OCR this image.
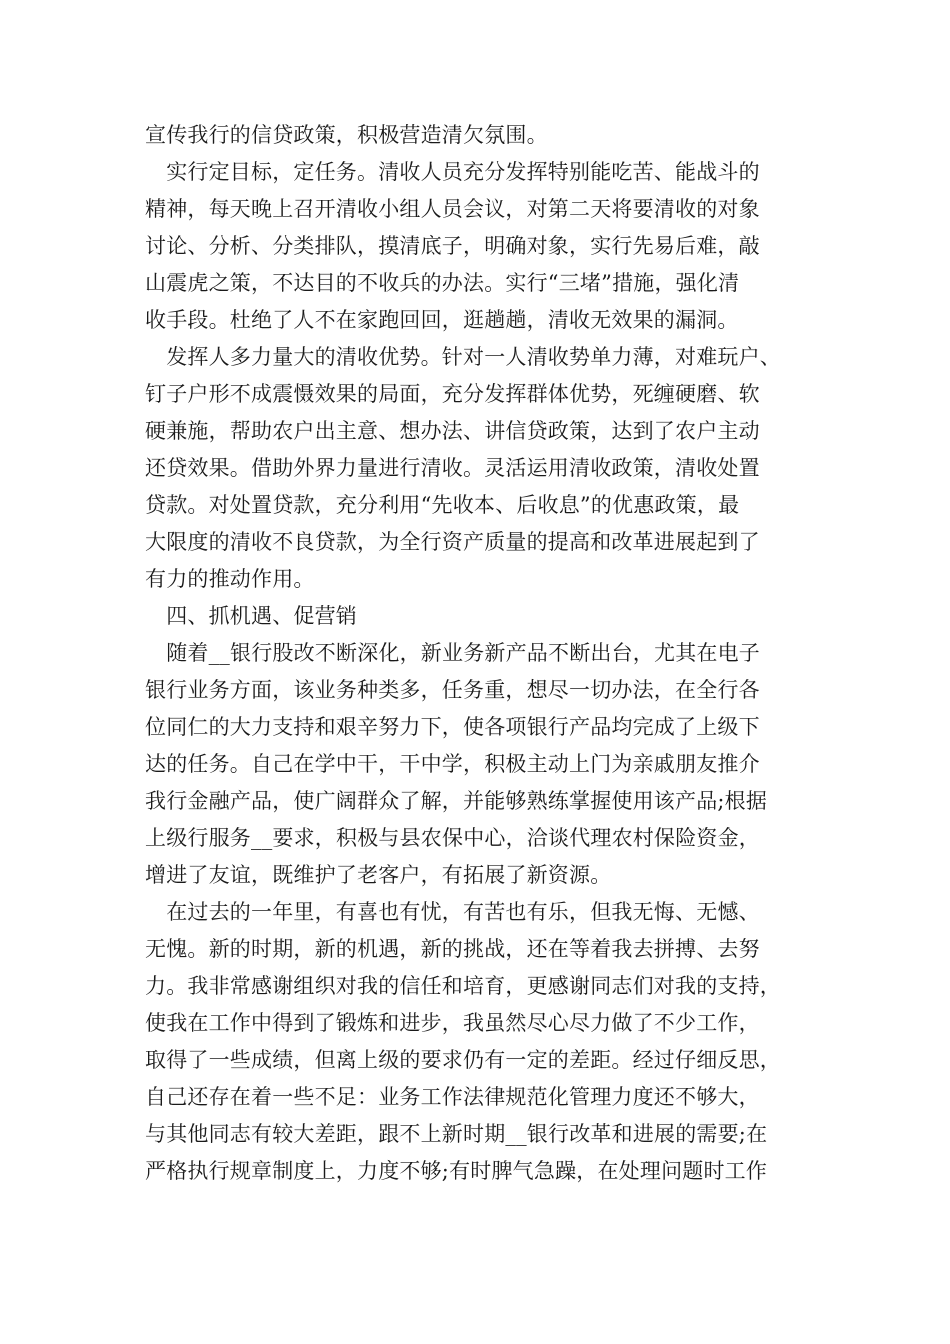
宣传我行的信贷政策，积极营造清欠氛围。
　实行定目标，定任务。清收人员充分发挥特别能吃苦、能战斗的
精神，每天晚上召开清收小组人员会议，对第二天将要清收的对象
讨论、分析、分类排队，摸清底子，明确对象，实行先易后难，敲
山震虎之策，不达目的不收兵的办法。实行“三堵”措施，强化清
收手段。杜绝了人不在家跑回回，逛趟趟，清收无效果的漏洞。
　发挥人多力量大的清收优势。针对一人清收势单力薄，对难玩户、
钉子户形不成震慑效果的局面，充分发挥群体优势，死缠硬磨、软
硬兼施，帮助农户出主意、想办法、讲信贷政策，达到了农户主动
还贷效果。借助外界力量进行清收。灵活运用清收政策，清收处置
贷款。对处置贷款，充分利用“先收本、后收息”的优惠政策，最
大限度的清收不良贷款，为全行资产质量的提高和改革进展起到了
有力的推动作用。
　四、抓机遇、促营销
　随着__银行股改不断深化，新业务新产品不断出台，尤其在电子
银行业务方面，该业务种类多，任务重，想尽一切办法，在全行各
位同仁的大力支持和艰辛努力下，使各项银行产品均完成了上级下
达的任务。自己在学中干，干中学，积极主动上门为亲戚朋友推介
我行金融产品，使广阔群众了解，并能够熟练掌握使用该产品;根据
上级行服务__要求，积极与县农保中心，洽谈代理农村保险资金，
增进了友谊，既维护了老客户，有拓展了新资源。
　在过去的一年里，有喜也有忧，有苦也有乐，但我无悔、无憾、
无愧。新的时期，新的机遇，新的挑战，还在等着我去拼搏、去努
力。我非常感谢组织对我的信任和培育，更感谢同志们对我的支持，
使我在工作中得到了锻炼和进步，我虽然尽心尽力做了不少工作，
取得了一些成绩，但离上级的要求仍有一定的差距。经过仔细反思，
自己还存在着一些不足：业务工作法律规范化管理力度还不够大，
与其他同志有较大差距，跟不上新时期__银行改革和进展的需要;在
严格执行规章制度上，力度不够;有时脾气急躁，在处理问题时工作
